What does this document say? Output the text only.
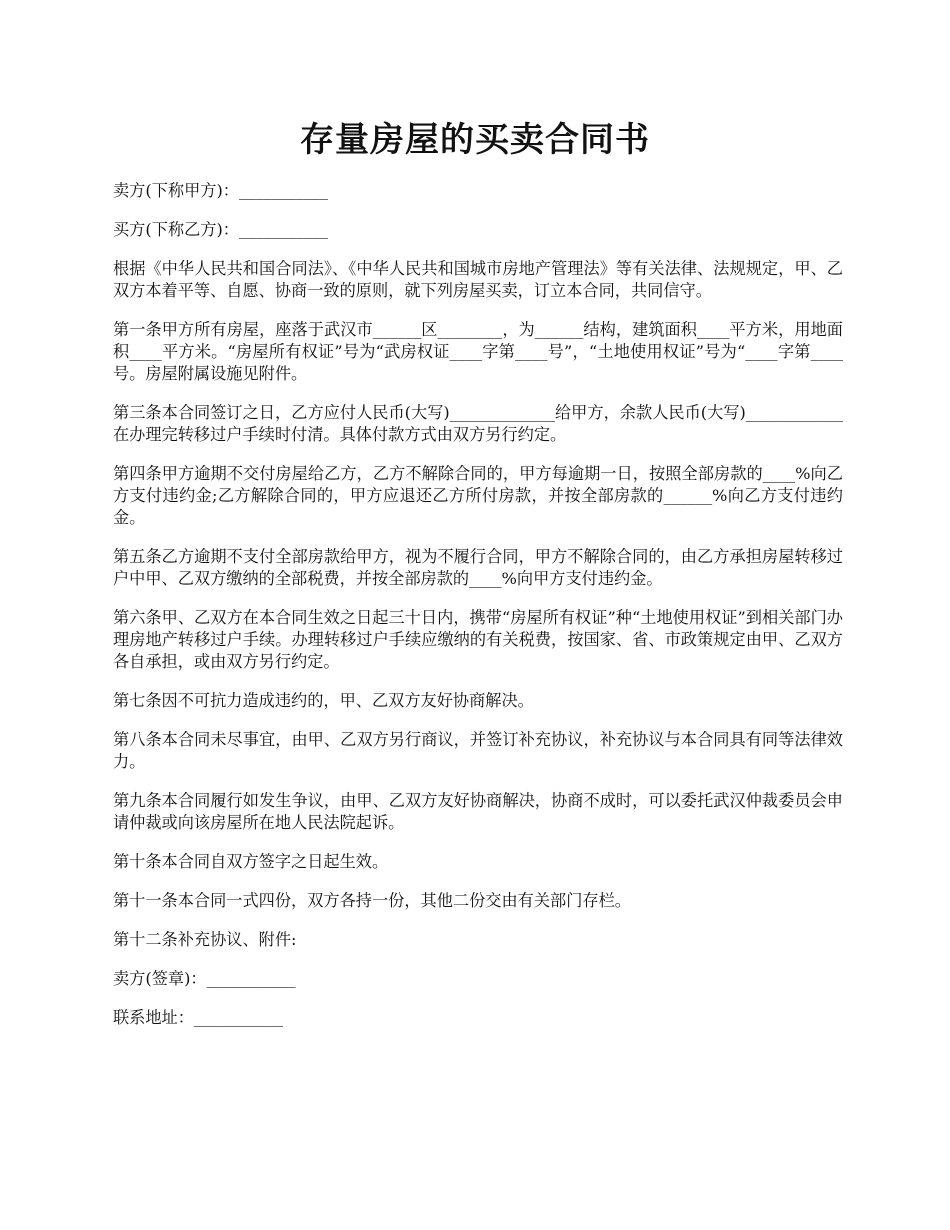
存量房屋的买卖合同书

卖方(下称甲方)：___________

买方(下称乙方)：___________

根据《中华人民共和国合同法》、《中华人民共和国城市房地产管理法》等有关法律、法规规定，甲、乙双方本着平等、自愿、协商一致的原则，就下列房屋买卖，订立本合同，共同信守。

第一条甲方所有房屋，座落于武汉市______区________，为______结构，建筑面积____平方米，用地面积____平方米。“房屋所有权证”号为“武房权证____字第____号”，“土地使用权证”号为“____字第____号。房屋附属设施见附件。

第三条本合同签订之日，乙方应付人民币(大写)_____________给甲方，余款人民币(大写)____________在办理完转移过户手续时付清。具体付款方式由双方另行约定。

第四条甲方逾期不交付房屋给乙方，乙方不解除合同的，甲方每逾期一日，按照全部房款的____%向乙方支付违约金;乙方解除合同的，甲方应退还乙方所付房款，并按全部房款的______%向乙方支付违约金。

第五条乙方逾期不支付全部房款给甲方，视为不履行合同，甲方不解除合同的，由乙方承担房屋转移过户中甲、乙双方缴纳的全部税费，并按全部房款的____%向甲方支付违约金。

第六条甲、乙双方在本合同生效之日起三十日内，携带“房屋所有权证”种“土地使用权证”到相关部门办理房地产转移过户手续。办理转移过户手续应缴纳的有关税费，按国家、省、市政策规定由甲、乙双方各自承担，或由双方另行约定。

第七条因不可抗力造成违约的，甲、乙双方友好协商解决。

第八条本合同未尽事宜，由甲、乙双方另行商议，并签订补充协议，补充协议与本合同具有同等法律效力。

第九条本合同履行如发生争议，由甲、乙双方友好协商解决，协商不成时，可以委托武汉仲裁委员会申请仲裁或向该房屋所在地人民法院起诉。

第十条本合同自双方签字之日起生效。

第十一条本合同一式四份，双方各持一份，其他二份交由有关部门存栏。

第十二条补充协议、附件:

卖方(签章)：___________

联系地址：___________
